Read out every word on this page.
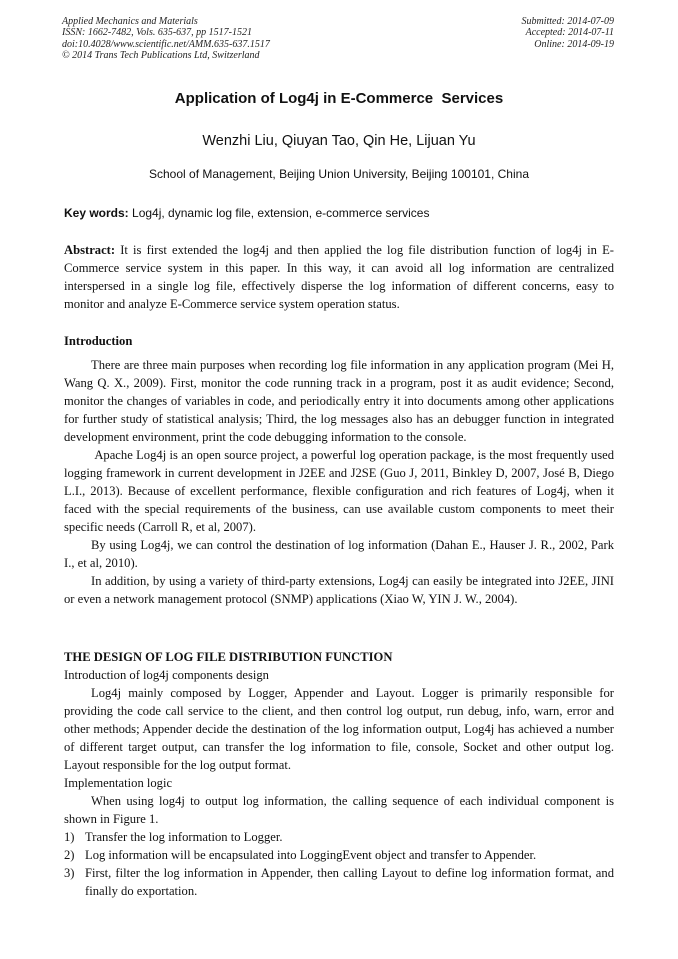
Applied Mechanics and Materials
ISSN: 1662-7482, Vols. 635-637, pp 1517-1521
doi:10.4028/www.scientific.net/AMM.635-637.1517
© 2014 Trans Tech Publications Ltd, Switzerland
Submitted: 2014-07-09
Accepted: 2014-07-11
Online: 2014-09-19
Application of Log4j in E-Commerce  Services
Wenzhi Liu, Qiuyan Tao, Qin He, Lijuan Yu
School of Management, Beijing Union University, Beijing 100101, China
Key words: Log4j, dynamic log file, extension, e-commerce services
Abstract: It is first extended the log4j and then applied the log file distribution function of log4j in E-Commerce service system in this paper. In this way, it can avoid all log information are centralized interspersed in a single log file, effectively disperse the log information of different concerns, easy to monitor and analyze E-Commerce service system operation status.
Introduction

There are three main purposes when recording log file information in any application program (Mei H, Wang Q. X., 2009). First, monitor the code running track in a program, post it as audit evidence; Second, monitor the changes of variables in code, and periodically entry it into documents among other applications for further study of statistical analysis; Third, the log messages also has an debugger function in integrated development environment, print the code debugging information to the console.

Apache Log4j is an open source project, a powerful log operation package, is the most frequently used logging framework in current development in J2EE and J2SE (Guo J, 2011, Binkley D, 2007, José B, Diego L.I., 2013). Because of excellent performance, flexible configuration and rich features of Log4j, when it faced with the special requirements of the business, can use available custom components to meet their specific needs (Carroll R, et al, 2007).

By using Log4j, we can control the destination of log information (Dahan E., Hauser J. R., 2002, Park I., et al, 2010).

In addition, by using a variety of third-party extensions, Log4j can easily be integrated into J2EE, JINI or even a network management protocol (SNMP) applications (Xiao W, YIN J. W., 2004).

THE DESIGN OF LOG FILE DISTRIBUTION FUNCTION

Introduction of log4j components design

Log4j mainly composed by Logger, Appender and Layout. Logger is primarily responsible for providing the code call service to the client, and then control log output, run debug, info, warn, error and other methods; Appender decide the destination of the log information output, Log4j has achieved a number of different target output, can transfer the log information to file, console, Socket and other output log. Layout responsible for the log output format.

Implementation logic

When using log4j to output log information, the calling sequence of each individual component is shown in Figure 1.

1) Transfer the log information to Logger.
2) Log information will be encapsulated into LoggingEvent object and transfer to Appender.
3) First, filter the log information in Appender, then calling Layout to define log information format, and finally do exportation.
